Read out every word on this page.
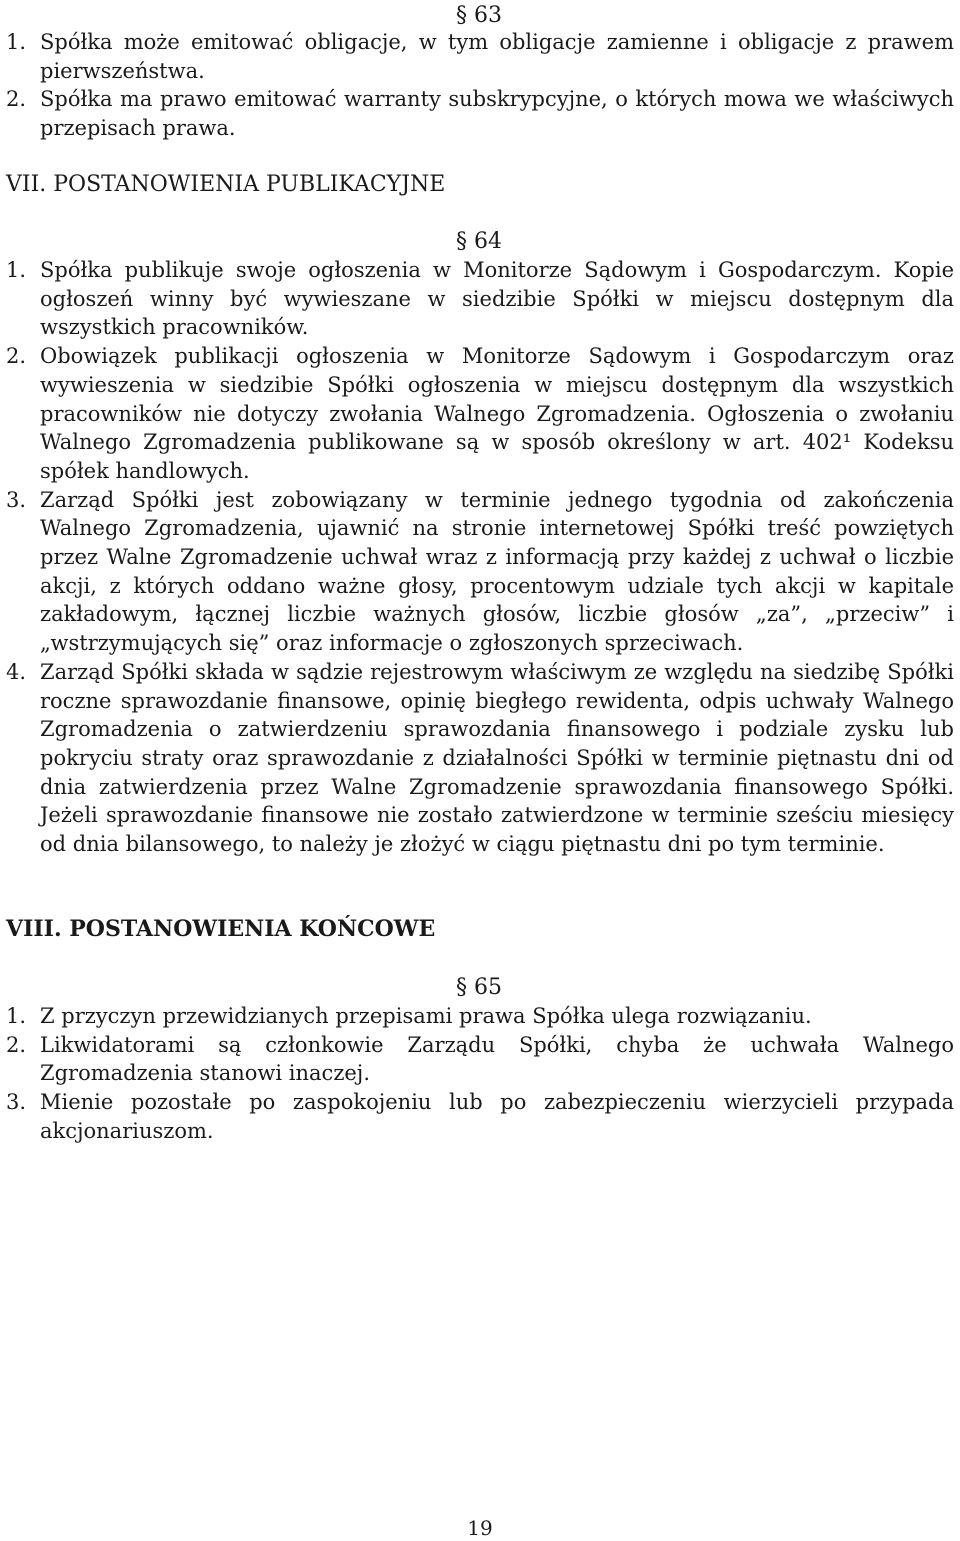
§ 63
1. Spółka może emitować obligacje, w tym obligacje zamienne i obligacje z prawem pierwszeństwa.
2. Spółka ma prawo emitować warranty subskrypcyjne, o których mowa we właściwych przepisach prawa.
VII. POSTANOWIENIA PUBLIKACYJNE
§ 64
1. Spółka publikuje swoje ogłoszenia w Monitorze Sądowym i Gospodarczym. Kopie ogłoszeń winny być wywieszane w siedzibie Spółki w miejscu dostępnym dla wszystkich pracowników.
2. Obowiązek publikacji ogłoszenia w Monitorze Sądowym i Gospodarczym oraz wywieszenia w siedzibie Spółki ogłoszenia w miejscu dostępnym dla wszystkich pracowników nie dotyczy zwołania Walnego Zgromadzenia. Ogłoszenia o zwołaniu Walnego Zgromadzenia publikowane są w sposób określony w art. 402¹ Kodeksu spółek handlowych.
3. Zarząd Spółki jest zobowiązany w terminie jednego tygodnia od zakończenia Walnego Zgromadzenia, ujawnić na stronie internetowej Spółki treść powziętych przez Walne Zgromadzenie uchwał wraz z informacją przy każdej z uchwał o liczbie akcji, z których oddano ważne głosy, procentowym udziale tych akcji w kapitale zakładowym, łącznej liczbie ważnych głosów, liczbie głosów „za”, „przeciw” i „wstrzymujących się” oraz informacje o zgłoszonych sprzeciwach.
4. Zarząd Spółki składa w sądzie rejestrowym właściwym ze względu na siedzibę Spółki roczne sprawozdanie finansowe, opinię biegłego rewidenta, odpis uchwały Walnego Zgromadzenia o zatwierdzeniu sprawozdania finansowego i podziale zysku lub pokryciu straty oraz sprawozdanie z działalności Spółki w terminie piętnastu dni od dnia zatwierdzenia przez Walne Zgromadzenie sprawozdania finansowego Spółki. Jeżeli sprawozdanie finansowe nie zostało zatwierdzone w terminie sześciu miesięcy od dnia bilansowego, to należy je złożyć w ciągu piętnastu dni po tym terminie.
VIII. POSTANOWIENIA KOŃCOWE
§ 65
1. Z przyczyn przewidzianych przepisami prawa Spółka ulega rozwiązaniu.
2. Likwidatorami są członkowie Zarządu Spółki, chyba że uchwała Walnego Zgromadzenia stanowi inaczej.
3. Mienie pozostałe po zaspokojeniu lub po zabezpieczeniu wierzycieli przypada akcjonariuszom.
19
